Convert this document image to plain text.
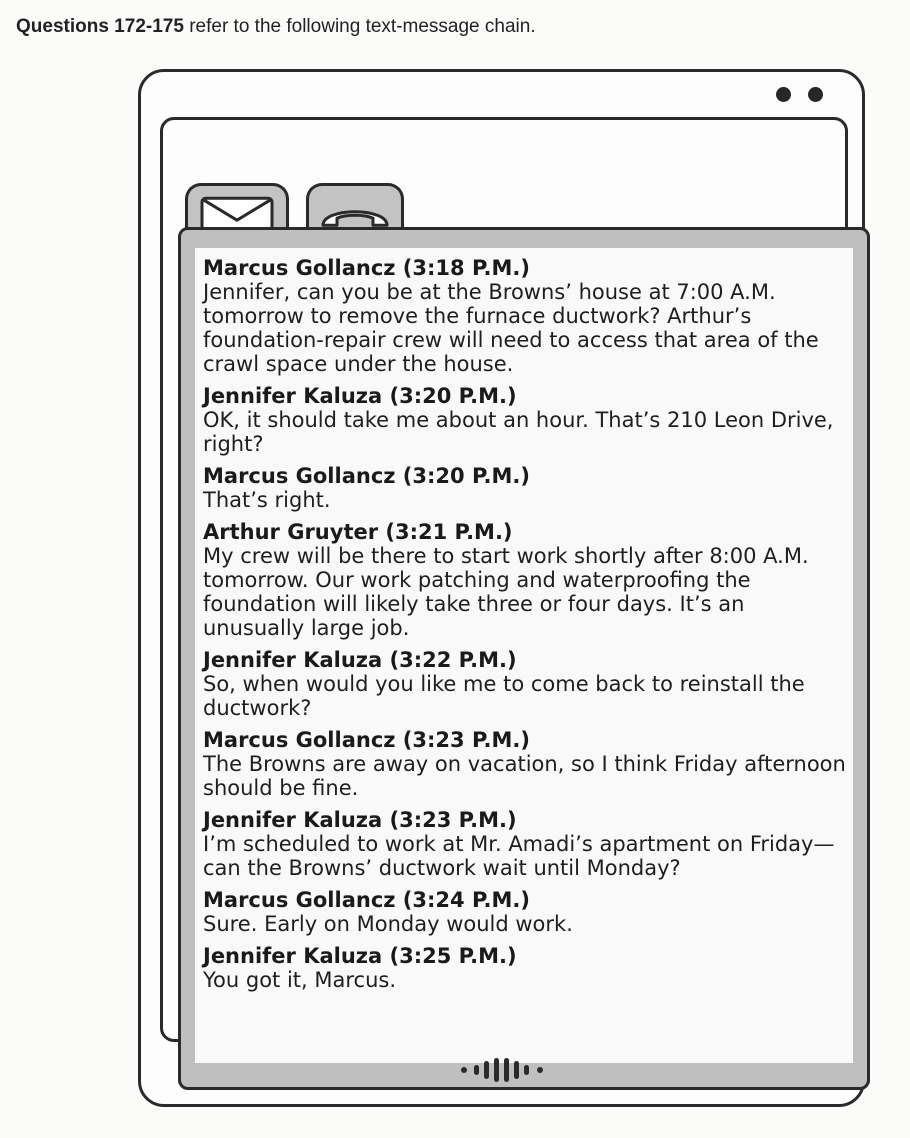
Questions 172-175 refer to the following text-message chain.
Marcus Gollancz (3:18 P.M.)
Jennifer, can you be at the Browns’ house at 7:00 A.M. tomorrow to remove the furnace ductwork? Arthur’s foundation-repair crew will need to access that area of the crawl space under the house.
Jennifer Kaluza (3:20 P.M.)
OK, it should take me about an hour. That’s 210 Leon Drive, right?
Marcus Gollancz (3:20 P.M.)
That’s right.
Arthur Gruyter (3:21 P.M.)
My crew will be there to start work shortly after 8:00 A.M. tomorrow. Our work patching and waterproofing the foundation will likely take three or four days. It’s an unusually large job.
Jennifer Kaluza (3:22 P.M.)
So, when would you like me to come back to reinstall the ductwork?
Marcus Gollancz (3:23 P.M.)
The Browns are away on vacation, so I think Friday afternoon should be fine.
Jennifer Kaluza (3:23 P.M.)
I’m scheduled to work at Mr. Amadi’s apartment on Friday—can the Browns’ ductwork wait until Monday?
Marcus Gollancz (3:24 P.M.)
Sure. Early on Monday would work.
Jennifer Kaluza (3:25 P.M.)
You got it, Marcus.
